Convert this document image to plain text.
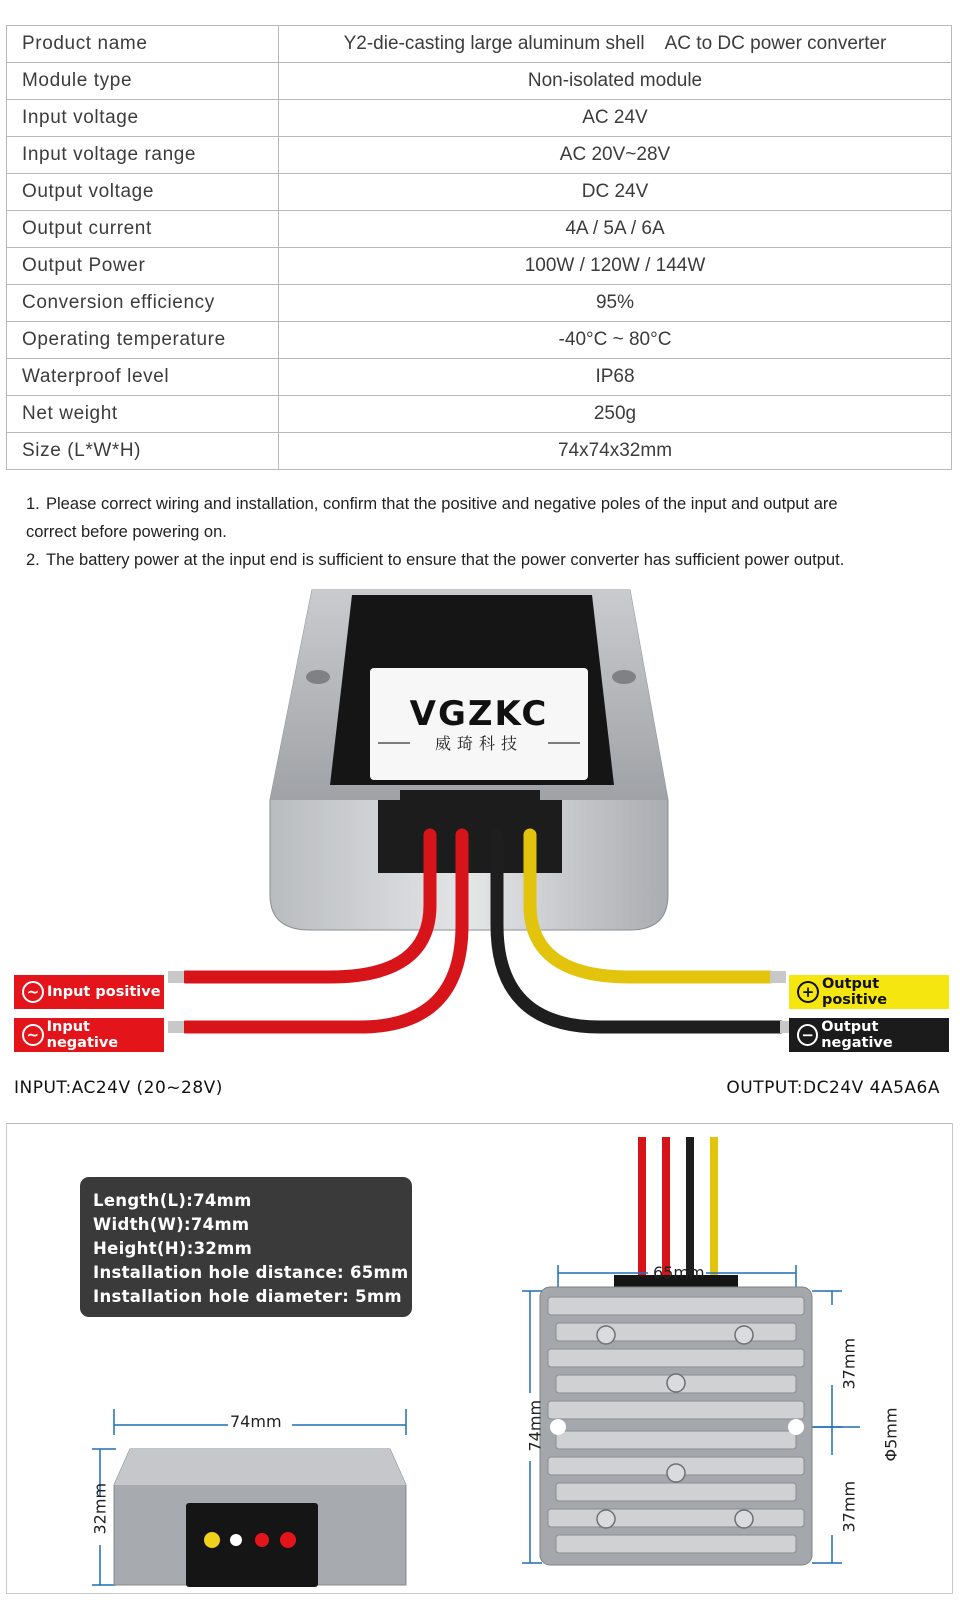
Product name	Y2-die-casting large aluminum shell    AC to DC power converter
Module type	Non-isolated module
Input voltage	AC 24V
Input voltage range	AC 20V~28V
Output voltage	DC 24V
Output current	4A / 5A / 6A
Output Power	100W / 120W / 144W
Conversion efficiency	95%
Operating temperature	-40°C ~ 80°C
Waterproof level	IP68
Net weight	250g
Size (L*W*H)	74x74x32mm

1. Please correct wiring and installation, confirm that the positive and negative poles of the input and output are

correct before powering on.

2. The battery power at the input end is sufficient to ensure that the power converter has sufficient power output.

VGZKC
威琦科技
~ Input positive
~ Input negative
+ Output positive
− Output negative
INPUT:AC24V (20~28V)	OUTPUT:DC24V 4A5A6A
Length(L):74mm
Width(W):74mm
Height(H):32mm
Installation hole distance: 65mm
Installation hole diameter: 5mm
74mm
32mm
65mm
74mm
37mm
37mm
Φ5mm
